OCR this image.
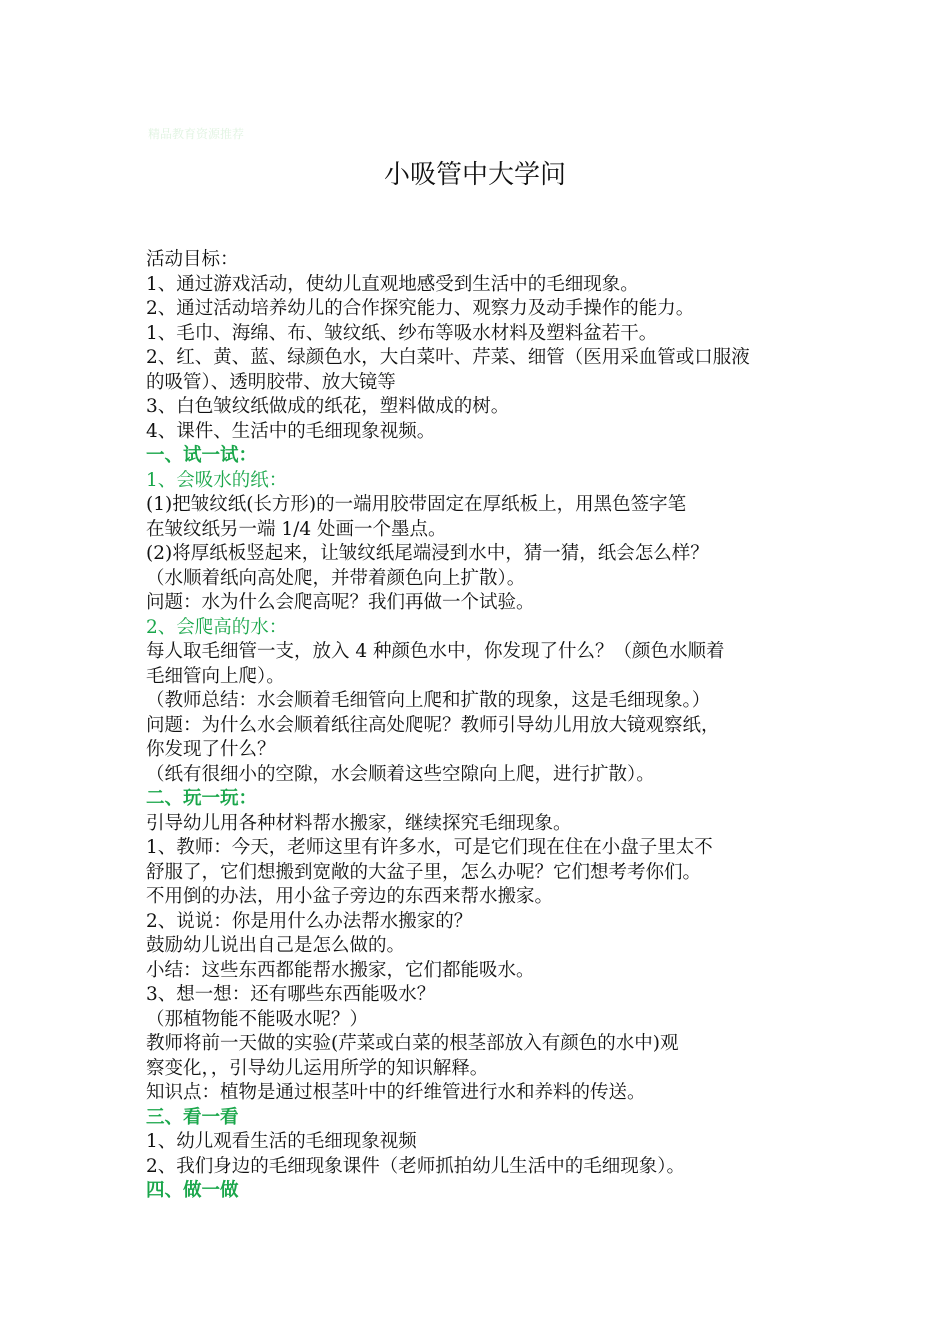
精品教育资源推荐
小吸管中大学问
活动目标：
1、通过游戏活动，使幼儿直观地感受到生活中的毛细现象。
2、通过活动培养幼儿的合作探究能力、观察力及动手操作的能力。
1、毛巾、海绵、布、皱纹纸、纱布等吸水材料及塑料盆若干。
2、红、黄、蓝、绿颜色水，大白菜叶、芹菜、细管（医用采血管或口服液
的吸管）、透明胶带、放大镜等
3、白色皱纹纸做成的纸花，塑料做成的树。
4、课件、生活中的毛细现象视频。
一、试一试：
1、会吸水的纸：
(1)把皱纹纸(长方形)的一端用胶带固定在厚纸板上，用黑色签字笔
在皱纹纸另一端 1/4 处画一个墨点。
(2)将厚纸板竖起来，让皱纹纸尾端浸到水中，猜一猜，纸会怎么样？
（水顺着纸向高处爬，并带着颜色向上扩散）。
问题：水为什么会爬高呢？我们再做一个试验。
2、会爬高的水：
每人取毛细管一支，放入 4 种颜色水中，你发现了什么？（颜色水顺着
毛细管向上爬）。
（教师总结：水会顺着毛细管向上爬和扩散的现象，这是毛细现象。）
问题：为什么水会顺着纸往高处爬呢？教师引导幼儿用放大镜观察纸，
你发现了什么？
（纸有很细小的空隙，水会顺着这些空隙向上爬，进行扩散）。
二、玩一玩：
引导幼儿用各种材料帮水搬家，继续探究毛细现象。
1、教师：今天，老师这里有许多水，可是它们现在住在小盘子里太不
舒服了，它们想搬到宽敞的大盆子里，怎么办呢？它们想考考你们。
不用倒的办法，用小盆子旁边的东西来帮水搬家。
2、说说：你是用什么办法帮水搬家的？
鼓励幼儿说出自己是怎么做的。
小结：这些东西都能帮水搬家，它们都能吸水。
3、想一想：还有哪些东西能吸水？
（那植物能不能吸水呢？）
教师将前一天做的实验(芹菜或白菜的根茎部放入有颜色的水中)观
察变化，，引导幼儿运用所学的知识解释。
知识点：植物是通过根茎叶中的纤维管进行水和养料的传送。
三、看一看
1、幼儿观看生活的毛细现象视频
2、我们身边的毛细现象课件（老师抓拍幼儿生活中的毛细现象）。
四、做一做
